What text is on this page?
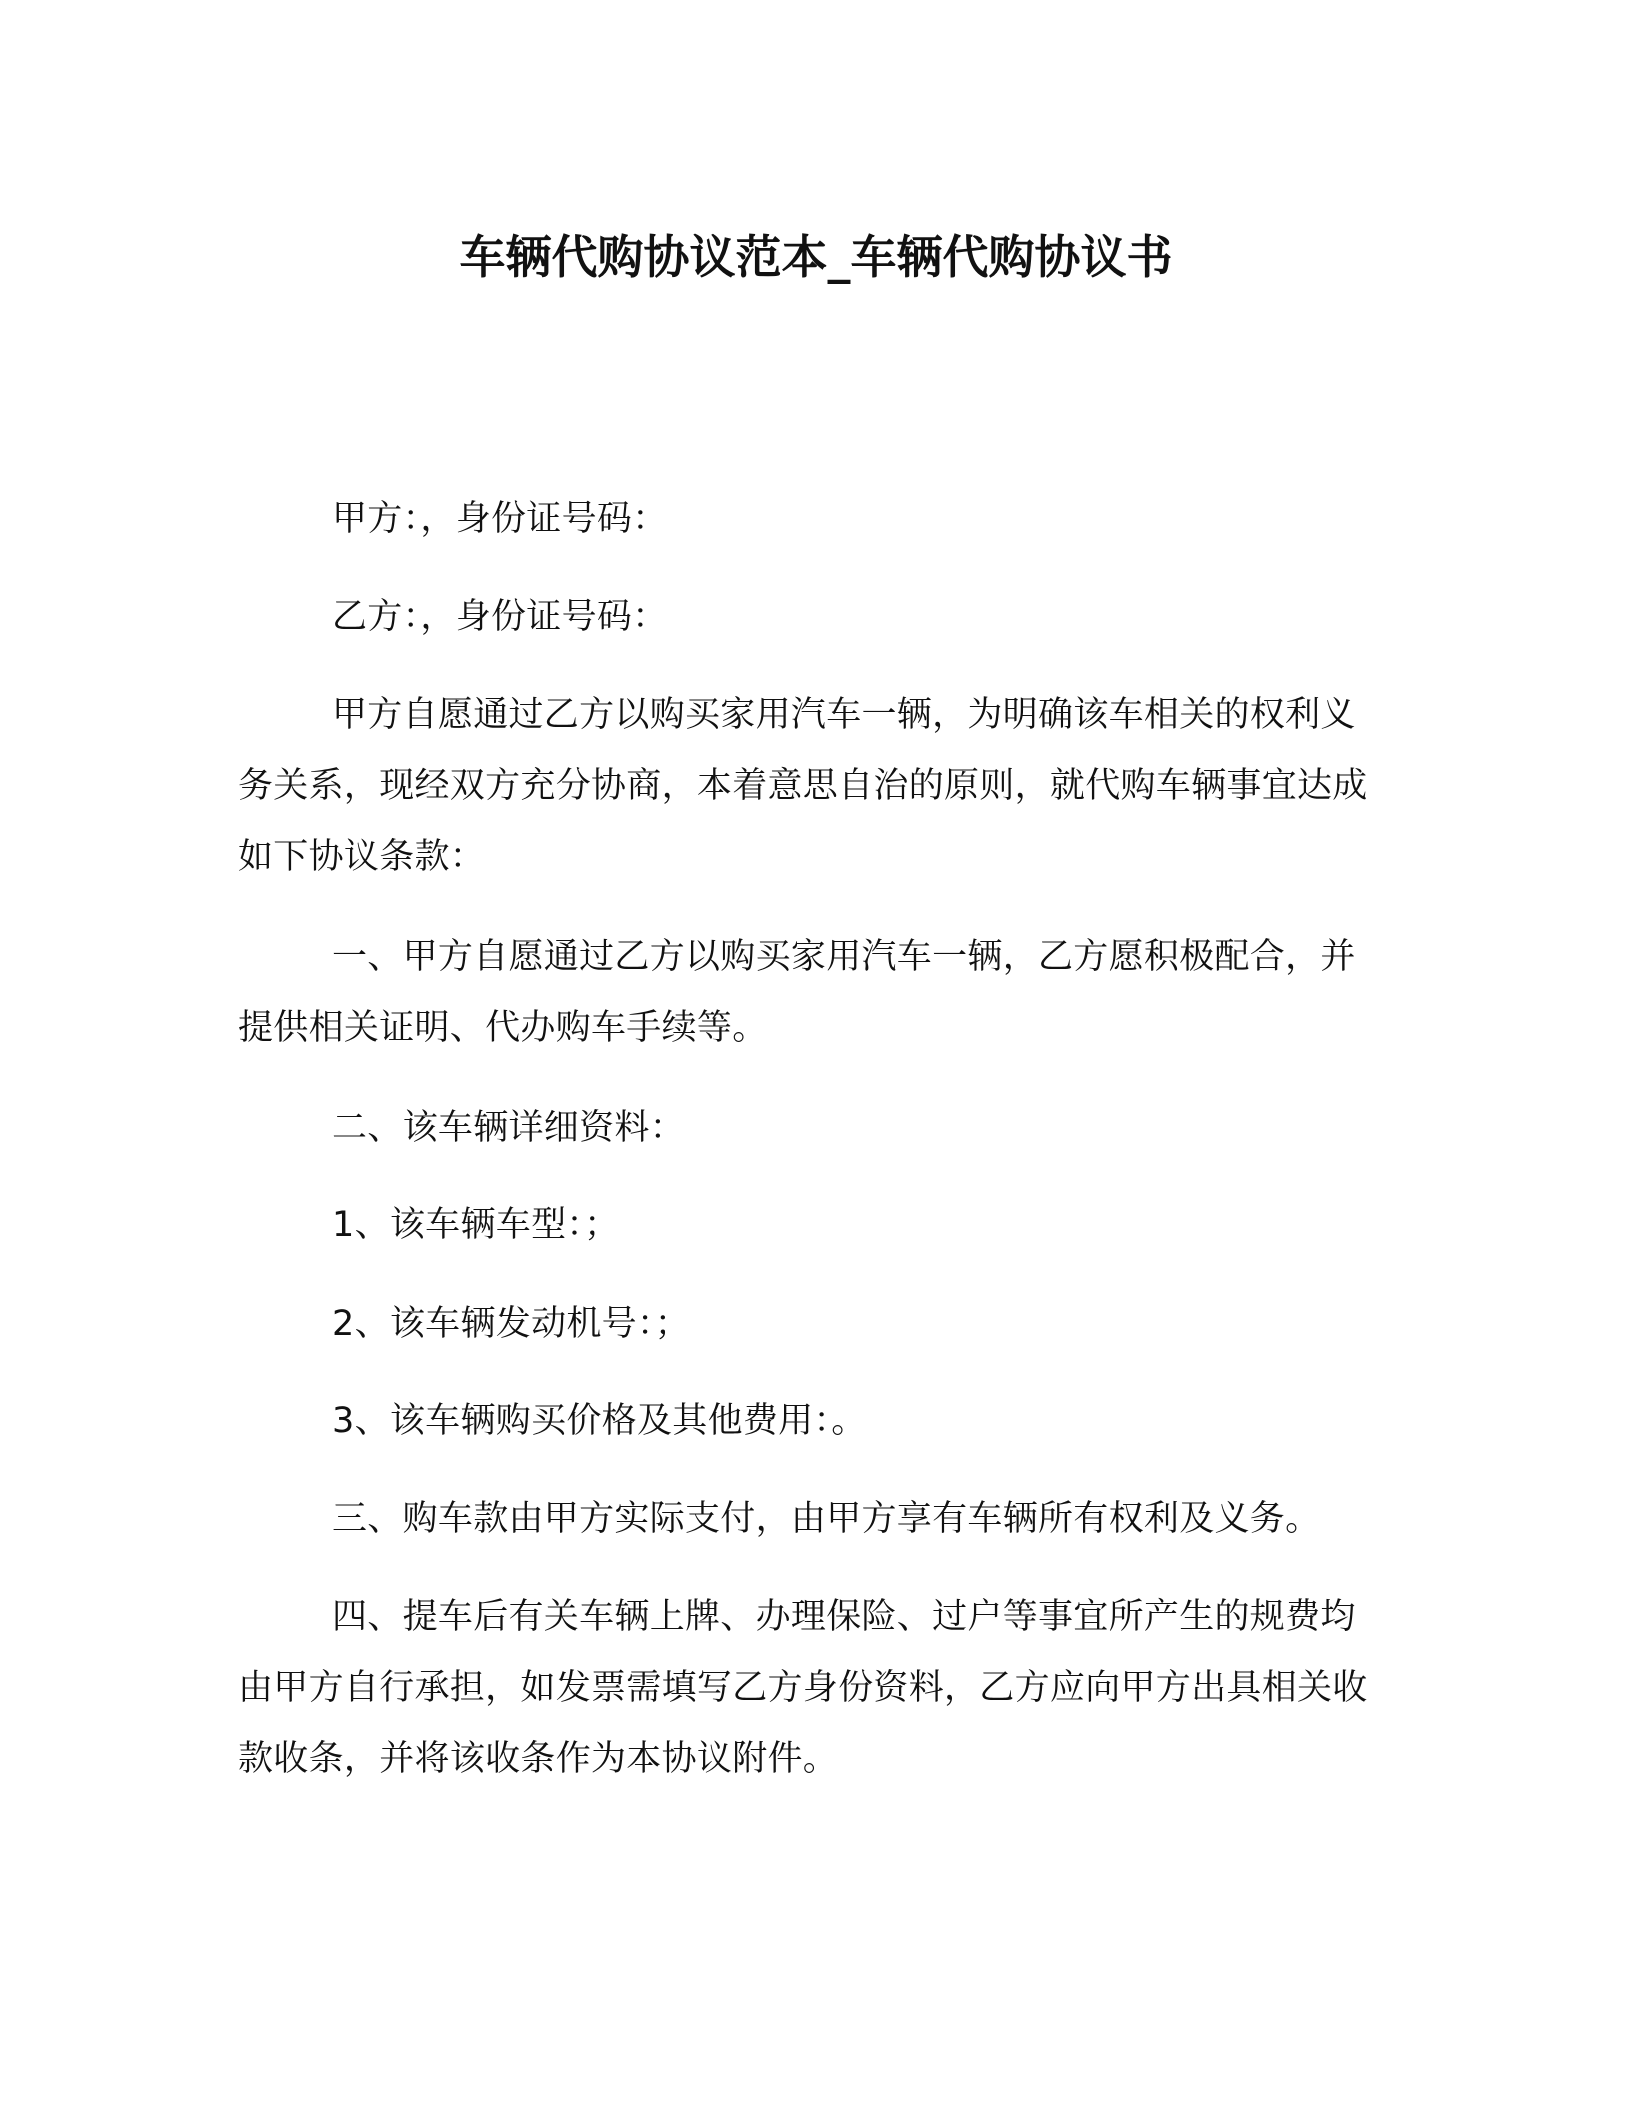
车辆代购协议范本_车辆代购协议书

甲方：，身份证号码：

乙方：，身份证号码：

甲方自愿通过乙方以购买家用汽车一辆，为明确该车相关的权利义务关系，现经双方充分协商，本着意思自治的原则，就代购车辆事宜达成如下协议条款：

一、甲方自愿通过乙方以购买家用汽车一辆，乙方愿积极配合，并提供相关证明、代办购车手续等。

二、该车辆详细资料：

1、该车辆车型：；

2、该车辆发动机号：；

3、该车辆购买价格及其他费用：。

三、购车款由甲方实际支付，由甲方享有车辆所有权利及义务。

四、提车后有关车辆上牌、办理保险、过户等事宜所产生的规费均由甲方自行承担，如发票需填写乙方身份资料，乙方应向甲方出具相关收款收条，并将该收条作为本协议附件。
